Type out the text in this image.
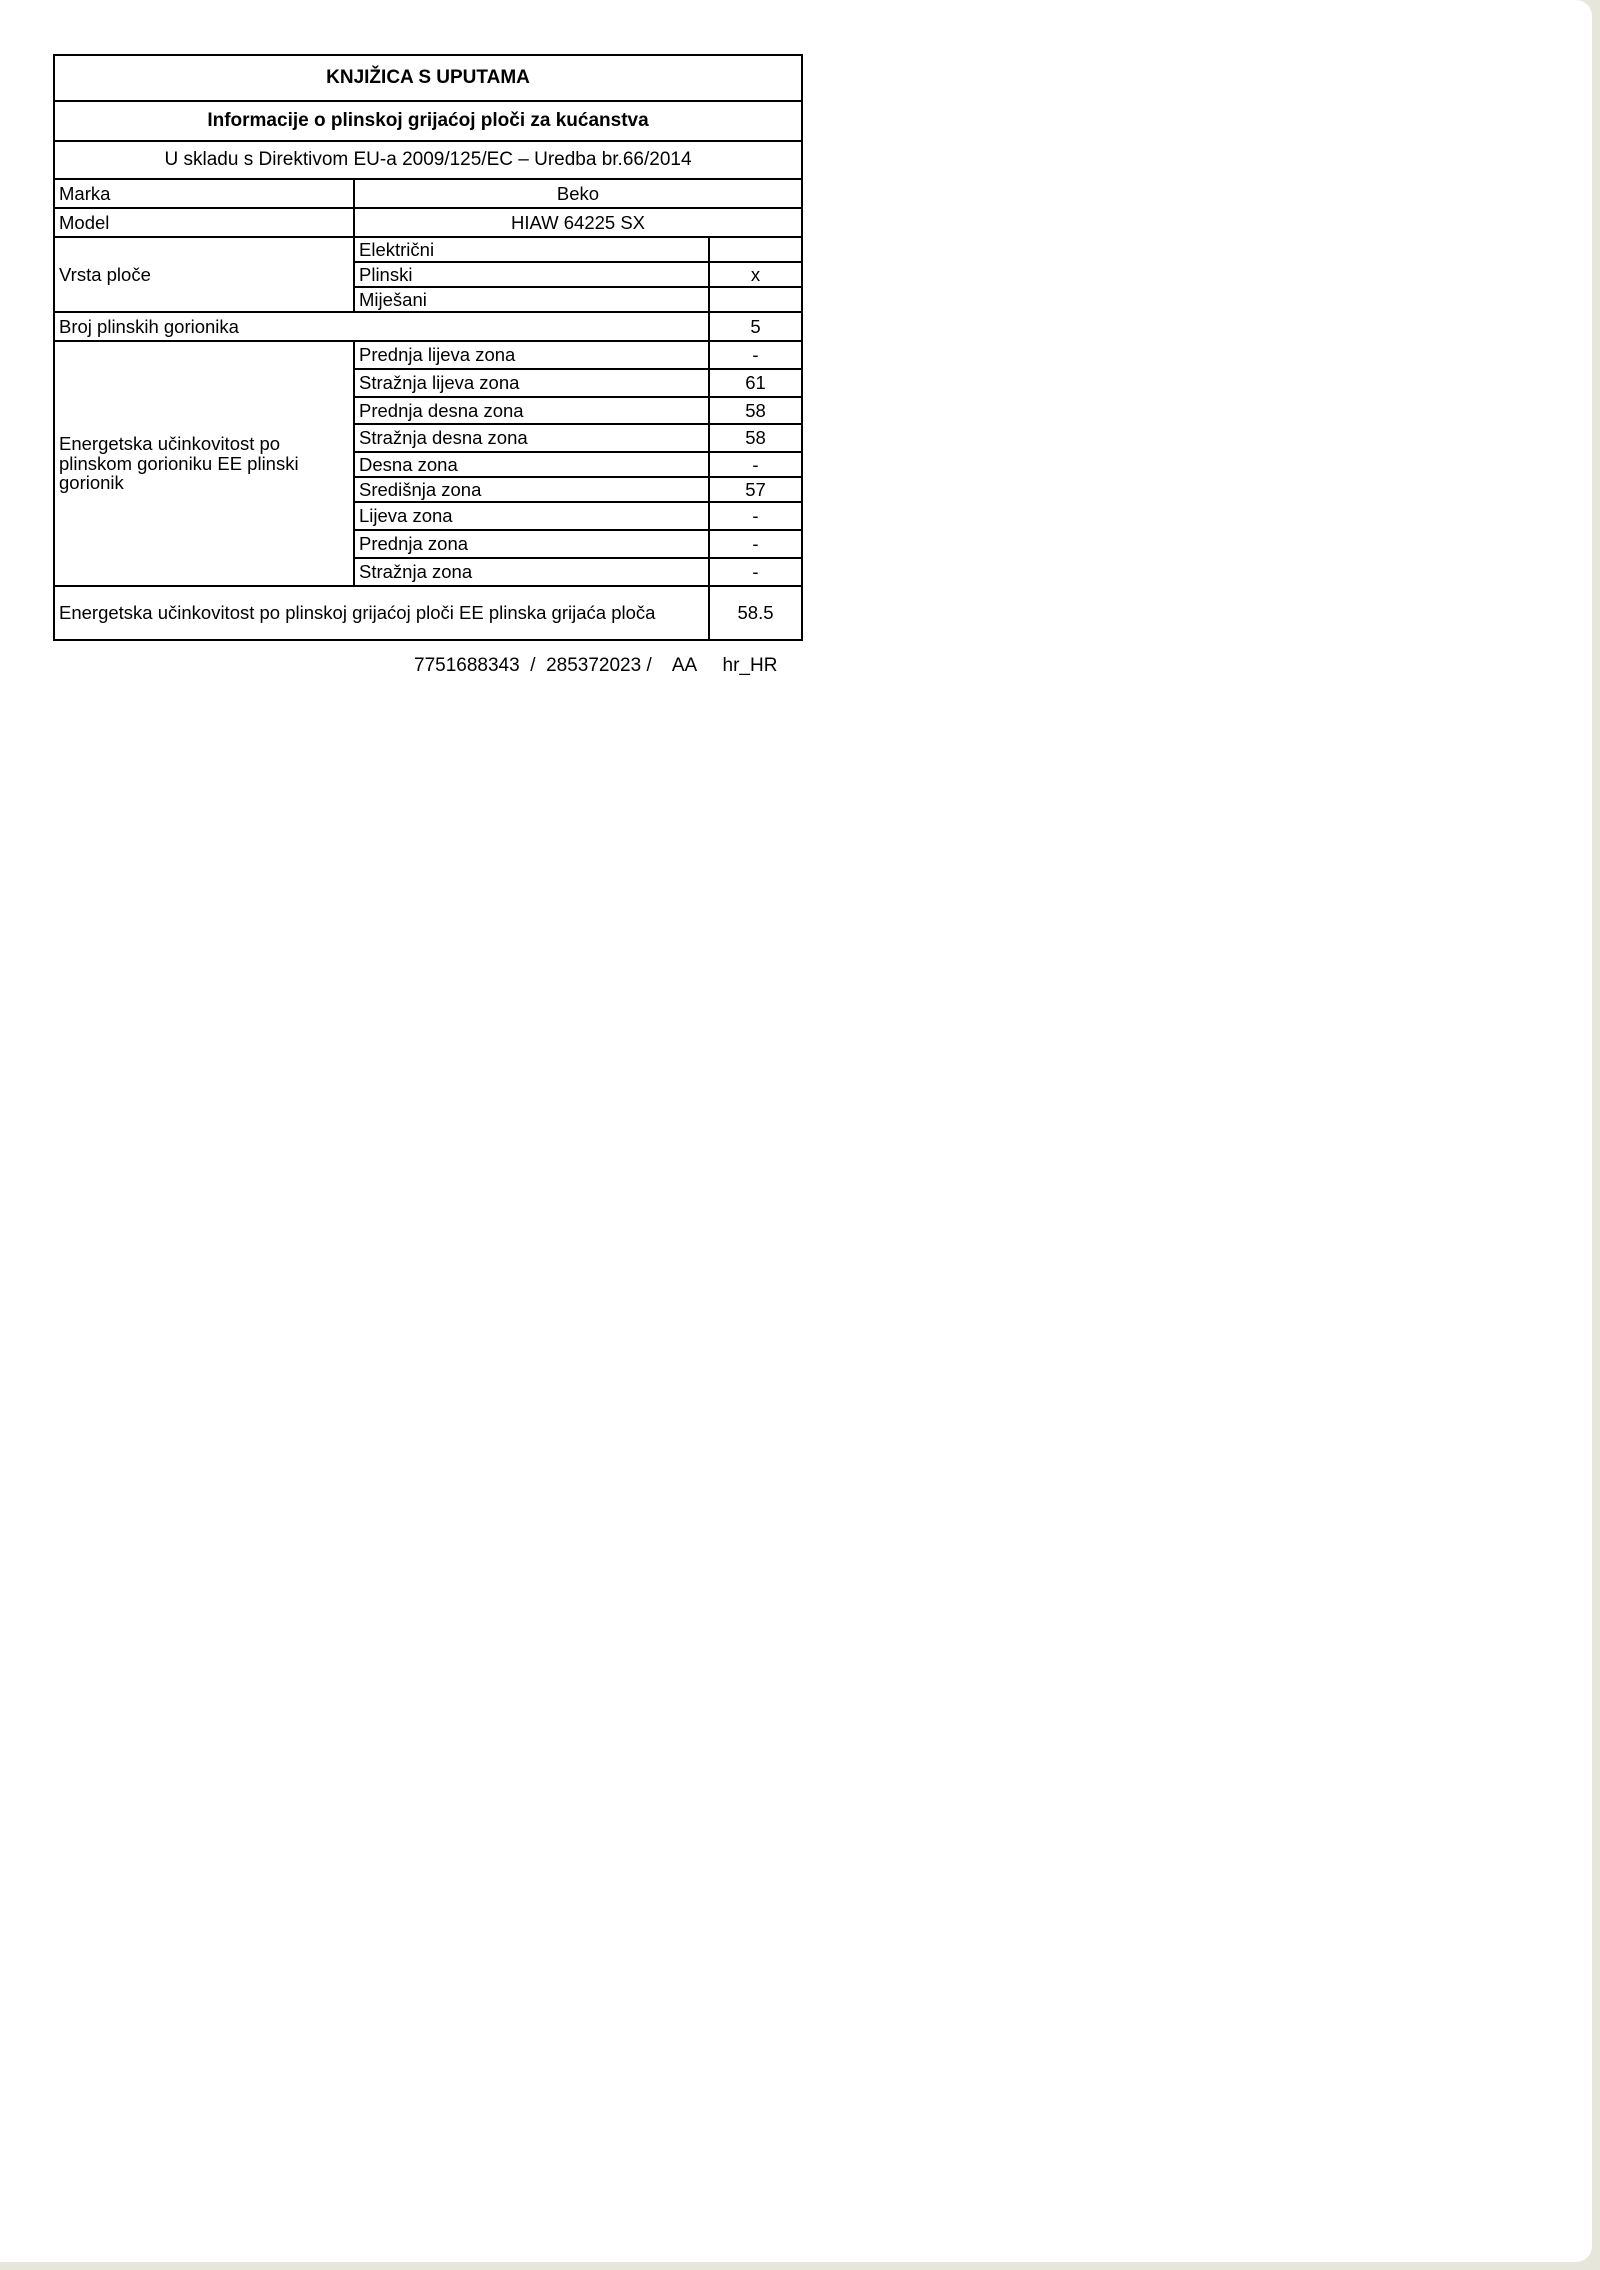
KNJIŽICA S UPUTAMA		
Informacije o plinskoj grijaćoj ploči za kućanstva		
U skladu s Direktivom EU-a 2009/125/EC – Uredba br.66/2014		
Marka	Beko	
Model	HIAW 64225 SX	
Vrsta ploče	Električni	
	Plinski	x
	Miješani	
Broj plinskih gorionika		5
Energetska učinkovitost po plinskom gorioniku EE plinski gorionik	Prednja lijeva zona	-
	Stražnja lijeva zona	61
	Prednja desna zona	58
	Stražnja desna zona	58
	Desna zona	-
	Središnja zona	57
	Lijeva zona	-
	Prednja zona	-
	Stražnja zona	-
Energetska učinkovitost po plinskoj grijaćoj ploči EE plinska grijaća ploča		58.5
7751688343  /  285372023 /    AA hr_HR
